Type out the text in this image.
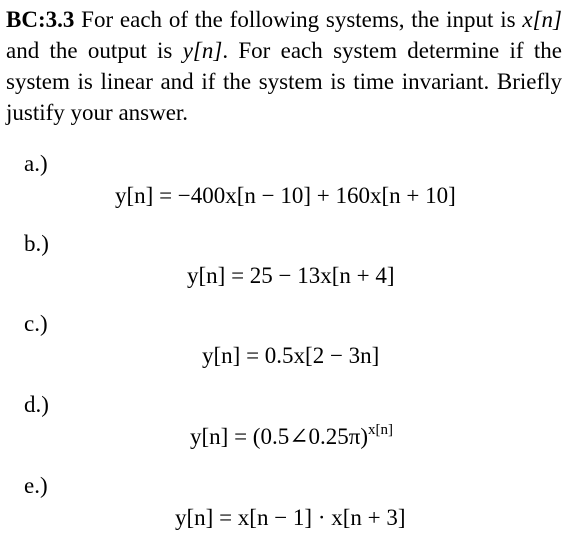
BC:3.3 For each of the following systems, the input is x[n] and the output is y[n]. For each system determine if the system is linear and if the system is time invariant. Briefly justify your answer.
a.)
y[n] = −400x[n − 10] + 160x[n + 10]
b.)
y[n] = 25 − 13x[n + 4]
c.)
y[n] = 0.5x[2 − 3n]
d.)
y[n] = (0.5∠0.25π)$^{x[n]}$
e.)
y[n] = x[n − 1] · x[n + 3]
